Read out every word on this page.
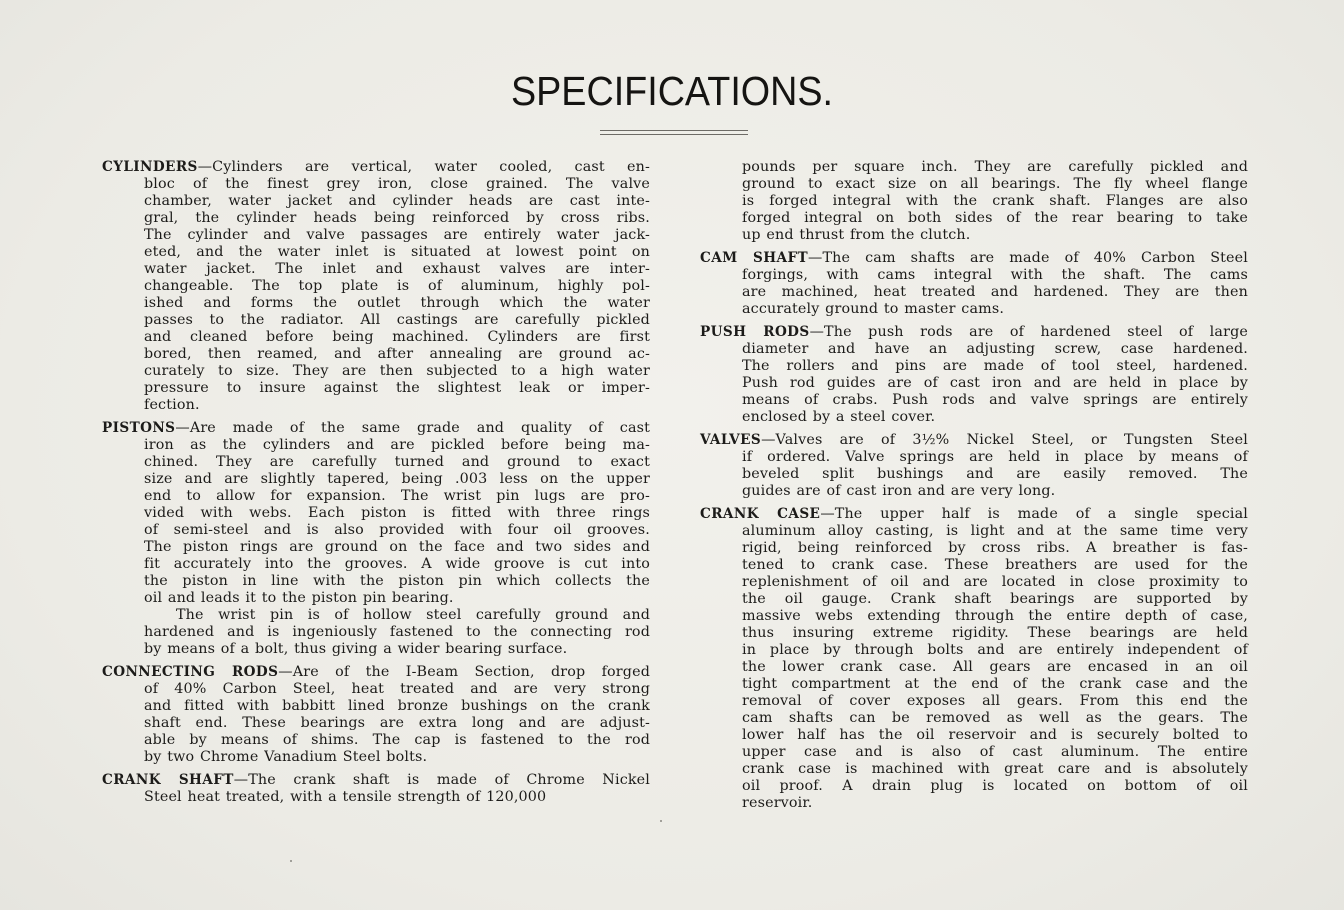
SPECIFICATIONS.
CYLINDERS—Cylinders are vertical, water cooled, cast en-
bloc of the finest grey iron, close grained. The valve
chamber, water jacket and cylinder heads are cast inte-
gral, the cylinder heads being reinforced by cross ribs.
The cylinder and valve passages are entirely water jack-
eted, and the water inlet is situated at lowest point on
water jacket. The inlet and exhaust valves are inter-
changeable. The top plate is of aluminum, highly pol-
ished and forms the outlet through which the water
passes to the radiator. All castings are carefully pickled
and cleaned before being machined. Cylinders are first
bored, then reamed, and after annealing are ground ac-
curately to size. They are then subjected to a high water
pressure to insure against the slightest leak or imper-
fection.
PISTONS—Are made of the same grade and quality of cast
iron as the cylinders and are pickled before being ma-
chined. They are carefully turned and ground to exact
size and are slightly tapered, being .003 less on the upper
end to allow for expansion. The wrist pin lugs are pro-
vided with webs. Each piston is fitted with three rings
of semi-steel and is also provided with four oil grooves.
The piston rings are ground on the face and two sides and
fit accurately into the grooves. A wide groove is cut into
the piston in line with the piston pin which collects the
oil and leads it to the piston pin bearing.
The wrist pin is of hollow steel carefully ground and
hardened and is ingeniously fastened to the connecting rod
by means of a bolt, thus giving a wider bearing surface.
CONNECTING RODS—Are of the I-Beam Section, drop forged
of 40% Carbon Steel, heat treated and are very strong
and fitted with babbitt lined bronze bushings on the crank
shaft end. These bearings are extra long and are adjust-
able by means of shims. The cap is fastened to the rod
by two Chrome Vanadium Steel bolts.
CRANK SHAFT—The crank shaft is made of Chrome Nickel
Steel heat treated, with a tensile strength of 120,000
pounds per square inch. They are carefully pickled and
ground to exact size on all bearings. The fly wheel flange
is forged integral with the crank shaft. Flanges are also
forged integral on both sides of the rear bearing to take
up end thrust from the clutch.
CAM SHAFT—The cam shafts are made of 40% Carbon Steel
forgings, with cams integral with the shaft. The cams
are machined, heat treated and hardened. They are then
accurately ground to master cams.
PUSH RODS—The push rods are of hardened steel of large
diameter and have an adjusting screw, case hardened.
The rollers and pins are made of tool steel, hardened.
Push rod guides are of cast iron and are held in place by
means of crabs. Push rods and valve springs are entirely
enclosed by a steel cover.
VALVES—Valves are of 3½% Nickel Steel, or Tungsten Steel
if ordered. Valve springs are held in place by means of
beveled split bushings and are easily removed. The
guides are of cast iron and are very long.
CRANK CASE—The upper half is made of a single special
aluminum alloy casting, is light and at the same time very
rigid, being reinforced by cross ribs. A breather is fas-
tened to crank case. These breathers are used for the
replenishment of oil and are located in close proximity to
the oil gauge. Crank shaft bearings are supported by
massive webs extending through the entire depth of case,
thus insuring extreme rigidity. These bearings are held
in place by through bolts and are entirely independent of
the lower crank case. All gears are encased in an oil
tight compartment at the end of the crank case and the
removal of cover exposes all gears. From this end the
cam shafts can be removed as well as the gears. The
lower half has the oil reservoir and is securely bolted to
upper case and is also of cast aluminum. The entire
crank case is machined with great care and is absolutely
oil proof. A drain plug is located on bottom of oil
reservoir.
